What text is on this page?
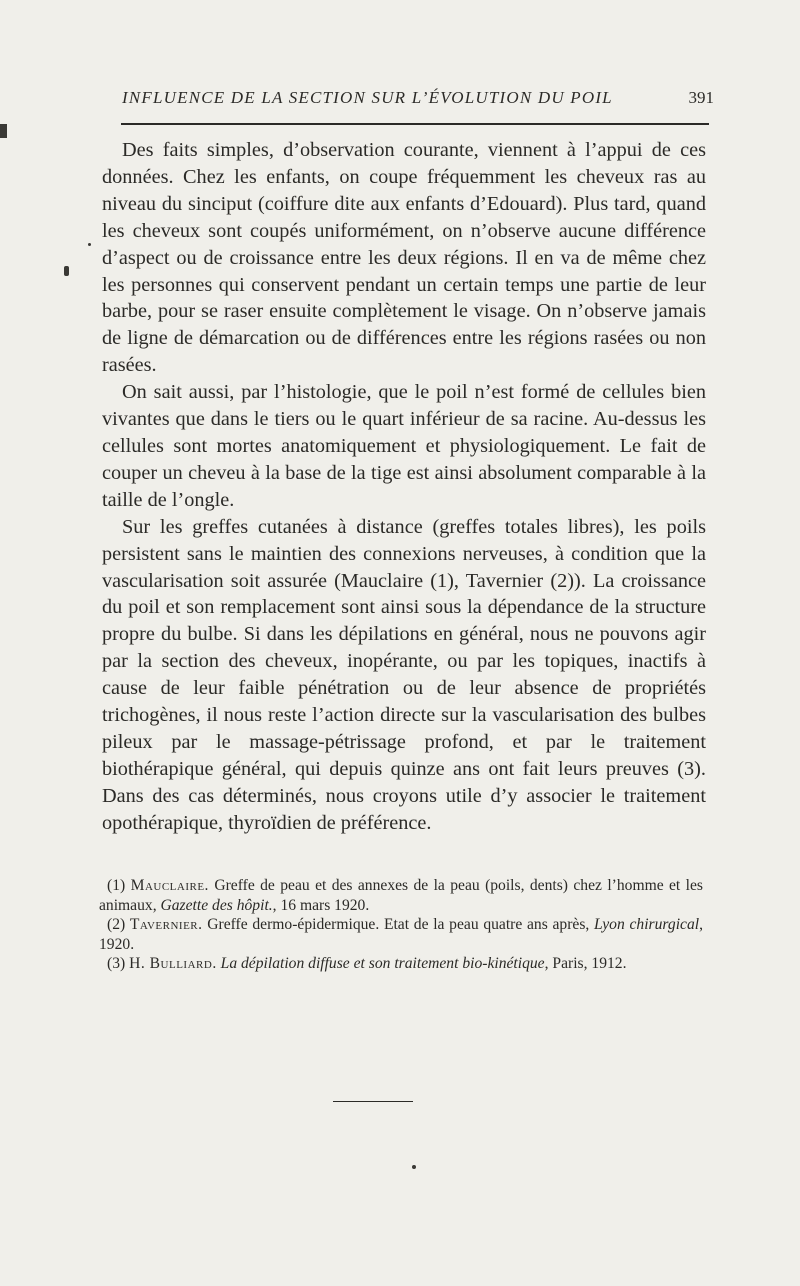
INFLUENCE DE LA SECTION SUR L’ÉVOLUTION DU POIL	391

Des faits simples, d’observation courante, viennent à l’appui de ces données. Chez les enfants, on coupe fréquemment les cheveux ras au niveau du sinciput (coiffure dite aux enfants d’Edouard). Plus tard, quand les cheveux sont coupés uniformément, on n’observe aucune différence d’aspect ou de croissance entre les deux régions. Il en va de même chez les personnes qui conservent pendant un certain temps une partie de leur barbe, pour se raser ensuite complètement le visage. On n’observe jamais de ligne de démarcation ou de différences entre les régions rasées ou non rasées.

On sait aussi, par l’histologie, que le poil n’est formé de cellules bien vivantes que dans le tiers ou le quart inférieur de sa racine. Au-dessus les cellules sont mortes anatomiquement et physiologiquement. Le fait de couper un cheveu à la base de la tige est ainsi absolument comparable à la taille de l’ongle.

Sur les greffes cutanées à distance (greffes totales libres), les poils persistent sans le maintien des connexions nerveuses, à condition que la vascularisation soit assurée (Mauclaire (1), Tavernier (2)). La croissance du poil et son remplacement sont ainsi sous la dépendance de la structure propre du bulbe. Si dans les dépilations en général, nous ne pouvons agir par la section des cheveux, inopérante, ou par les topiques, inactifs à cause de leur faible pénétration ou de leur absence de propriétés trichogènes, il nous reste l’action directe sur la vascularisation des bulbes pileux par le massage-pétrissage profond, et par le traitement biothérapique général, qui depuis quinze ans ont fait leurs preuves (3). Dans des cas déterminés, nous croyons utile d’y associer le traitement opothérapique, thyroïdien de préférence.

(1) Mauclaire. Greffe de peau et des annexes de la peau (poils, dents) chez l’homme et les animaux, Gazette des hôpit., 16 mars 1920.

(2) Tavernier. Greffe dermo-épidermique. Etat de la peau quatre ans après, Lyon chirurgical, 1920.

(3) H. Bulliard. La dépilation diffuse et son traitement bio-kinétique, Paris, 1912.
